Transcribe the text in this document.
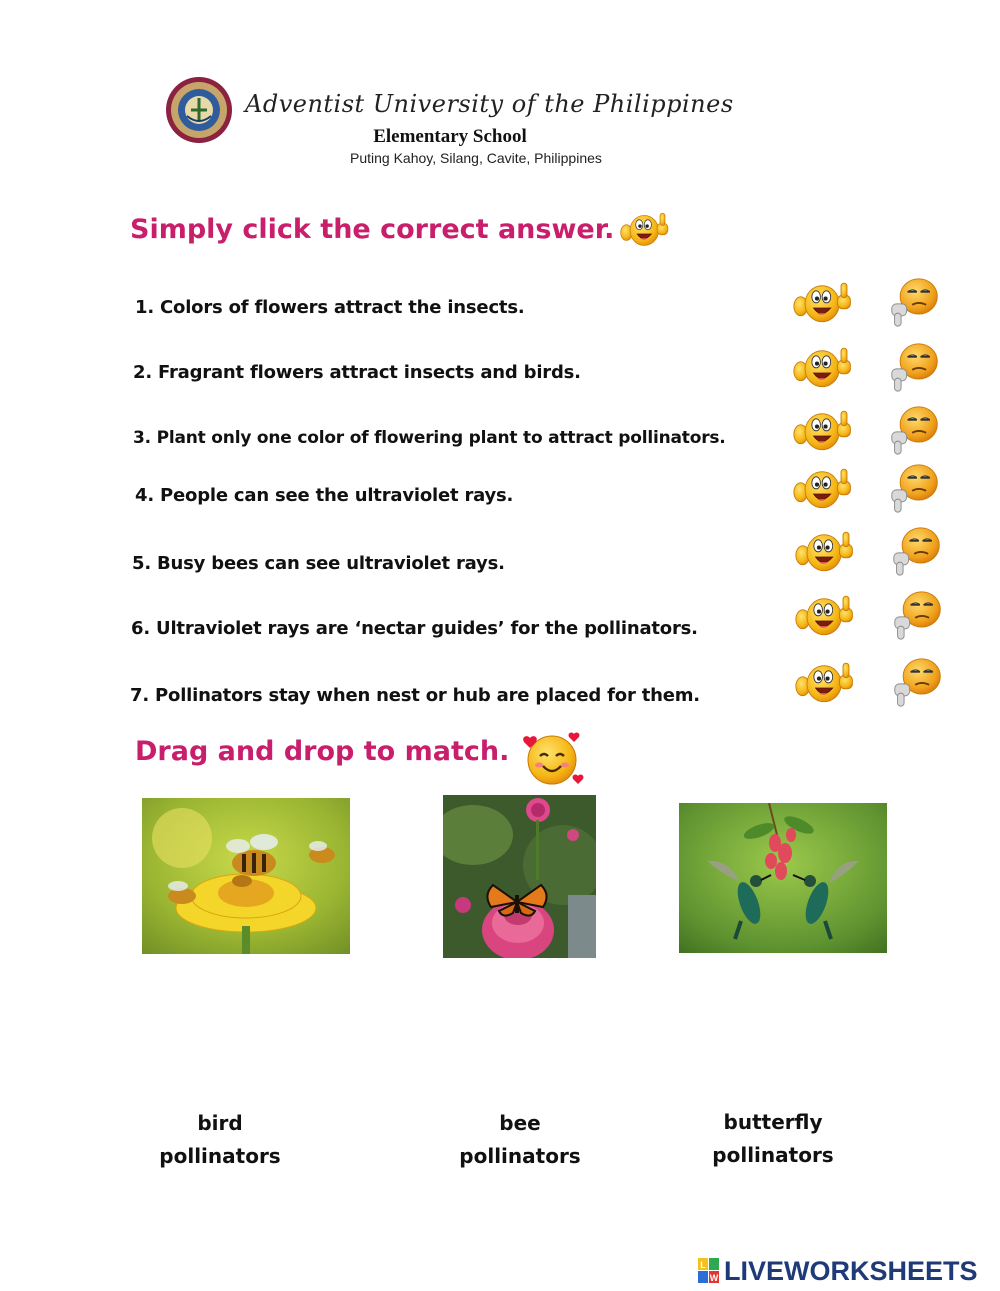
Adventist University of the Philippines
Elementary School
Puting Kahoy, Silang, Cavite, Philippines
Simply click the correct answer.
1. Colors of flowers attract the insects.
2. Fragrant flowers attract insects and birds.
3. Plant only one color of flowering plant to attract pollinators.
4. People can see the ultraviolet rays.
5. Busy bees can see ultraviolet rays.
6. Ultraviolet rays are ‘nectar guides’ for the pollinators.
7. Pollinators stay when nest or hub are placed for them.
Drag and drop to match.
bird
pollinators
bee
pollinators
butterfly
pollinators
L
W LIVEWORKSHEETS
